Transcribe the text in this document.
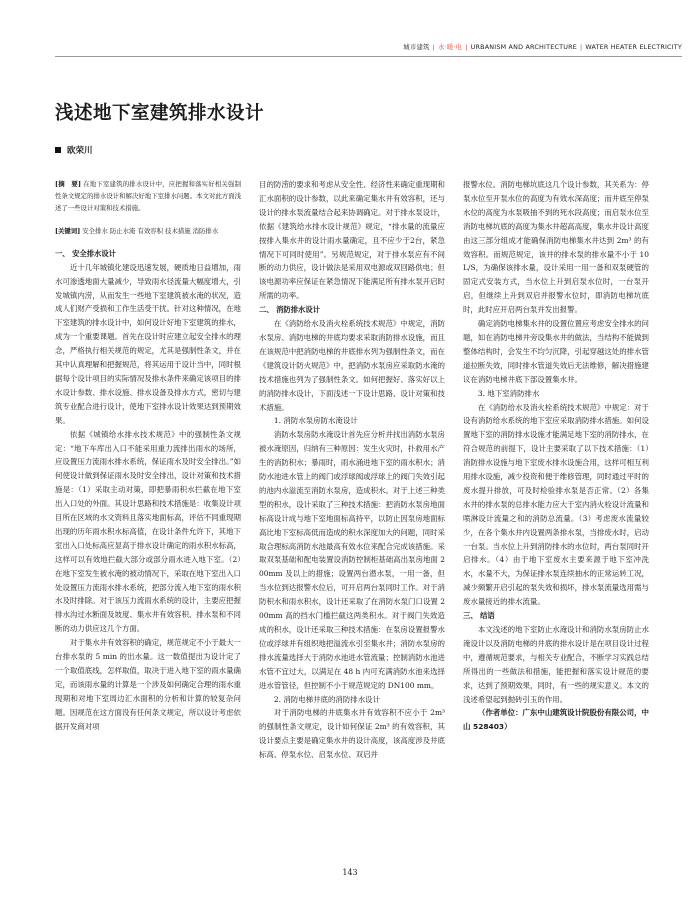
城市建筑 | 水·暖·电 | URBANISM AND ARCHITECTURE | WATER HEATER ELECTRICITY
浅述地下室建筑排水设计
欧荣川

[摘　要] 在地下室建筑的排水设计中，应把握和落实好相关强制性条文规定的排水设计和解决好地下室排水问题。本文对此方面浅述了一些设计对策和技术措施。

[关键词] 安全排水 防止水淹 有效容积 技术措施 消防排水

一、 安全排水设计

近十几年城镇化建设迅速发展，硬质地日益增加，雨水可渗透地面大量减少，导致雨水径流量大幅度增大，引发城镇内涝，从而发生一些地下室建筑被水淹的状况，造成人们财产受损和工作生活受干扰。针对这种情况，在地下室建筑的排水设计中，如何设计好地下室建筑的排水，成为一个重要课题。首先在设计时应建立起安全排水的理念，严格执行相关规范的规定，尤其是强制性条文，并在其中认真理解和把握规范，将其运用于设计当中，同时根据每个设计项目的实际情况及排水条件来确定该项目的排水设计参数、排水设施、排水设备及排水方式，密切与建筑专业配合进行设计，使地下室排水设计效果达到预期效果。

依据《城镇给水排水技术规范》中的强制性条文规定：“地下车库出入口不能采用重力流排出雨水的场所，应设置压力流雨水排水系统，保证雨水及时安全排出。”如何使设计做到保证雨水及时安全排出，设计对策和技术措施是：（1）采取主动对策，即把暴雨积水拦截在地下室出入口处的外面。其设计思路和技术措施是：收集设计项目所在区域的水文资料且落实地面标高，评估不同重现期出现的历年雨水积水标高值，在设计条件允许下，其地下室出入口处标高应显高于排水设计确定的雨水积水标高，这样可以有效地拦截大部分或部分雨水进入地下室。（2）在地下室发生被水淹的被动情况下，采取在地下室出入口处设置压力流雨水排水系统，把部分流入地下室的雨水积水及时排除。对于该压力流雨水系统的设计，主要应把握排水沟过水断面及坡度、集水井有效容积、排水泵和不同断的动力供应这几个方面。

对于集水井有效容积的确定，规范规定不小于最大一台排水泵的 5 min 的出水量。这一数值提出为设计定了一个取值底线，怎样取值，取决于进入地下室的雨水量确定，而该雨水量的计算是一个涉及如何确定合理的雨水重现期和对地下室周边汇水面积的分析和计算的较复杂问题。因规范在这方面没有任何条文规定，所以设计考虑依据开发商对项

目的防涝的要求和考虑从安全性、经济性来确定重现期和汇水面积的设计参数，以此来确定集水井有效容积，还与设计的排水泵流量结合起来协调确定。对于排水泵设计，依据《建筑给水排水设计规范》规定，“排水量的流量应按排入集水井的设计雨水量确定，且不应少于2台，紧急情况下可同时使用”。另规范规定，对于排水泵应有不间断的动力供应，设计做法是采用双电源或双回路供电；但该电源功率应保证在紧急情况下能满足所有排水泵开启时所需的功率。

二、 消防排水设计

在《消防给水及消火栓系统技术规范》中规定，消防水泵房、消防电梯的井底均要求采取消防排水设施，而且在该规范中把消防电梯的井底排水列为强制性条文，而在《建筑设计防火规范》中，把消防水泵房应采取防水淹的技术措施也列为了强制性条文。如何把握好、落实好以上的消防排水设计，下面浅述一下设计思路、设计对策和技术措施。

1. 消防水泵房防水淹设计

消防水泵房防水淹设计首先应分析并找出消防水泵房被水淹原因，归纳有三种原因：发生火灾时，扑救用水产生的消防积水；暴雨时，雨水涌进地下室的雨水积水；消防水池进水管上的阀门或浮球阀或浮球上的阀门失效引起的池内水溢流至消防水泵房，造成积水。对于上述三种类型的积水，设计采取了三种技术措施：把消防水泵房地面标高设计成与地下室地面标高持平，以防止因泵房地面标高比地下室标高低而造成的积水深度加大的问题，同时采取合理标高消防水池最高有效水位来配合完成该措施。采取双泵基础和配电装置设消防控制柜基础高出泵房地面 200mm 及以上的措施；设置两台潜水泵，一用一备，但当水位到达报警水位后，可开启两台泵同时工作。对于消防积水和雨水积水，设计还采取了在消防水泵门口设置 200mm 高的挡水门槛拦截这两类积水。对于阀门失效造成的积水，设计还采取三种技术措施：在泵房设置报警水位或浮球并有组织地把溢流水引至集水井；消防水泵房的排水流量选择大于消防水池进水管流量；控制消防水池进水管不宜过大，以满足在 48 h 内可充满消防水池来选择进水管管径，但控制不小于规范规定的 DN100 mm。

2. 消防电梯井底的消防排水设计

对于消防电梯的井底集水井有效容积不应小于 2m³ 的强制性条文规定，设计如何保证 2m³ 的有效容积，其设计要点主要是确定集水井的设计高度，该高度涉及井底标高、停泵水位、启泵水位、双启并

报警水位。消防电梯坑底这几个设计参数，其关系为：停泵水位至开泵水位的高度为有效水深高度；而井底至停泵水位的高度为水泵吸抽不到的死水段高度；而启泵水位至消防电梯坑底的高度为集水井超高高度，集水井设计高度由这三部分组成才能确保消防电梯集水井达到 2m³ 的有效容积。而规范规定，该井的排水泵的排水量不小于 10 L/S，为确保该排水量，设计采用一用一备和双泵硬管的固定式安装方式，当水位上升到启泵水位时，一台泵开启，但继续上升到双启并报警水位时，即消防电梯坑底时，此时应开启两台泵并发出报警。

确定消防电梯集水井的设置位置应考虑安全排水的问题，如在消防电梯井旁设集水井的做法，当结构不能做到整体结构时，会发生不均匀沉降，引起穿越这处的排水管道拉断失效，同时排水管道失效后无法维修，解决措施建议在消防电梯井底下部设置集水井。

3. 地下室消防排水

在《消防给水及消火栓系统技术规范》中规定：对于设有消防给水系统的地下室应采取消防排水措施。如何设置地下室的消防排水设施才能满足地下室的消防排水，在符合规范的前提下，设计主要采取了以下技术措施：（1）消防排水设施与地下室废水排水设施合用，这样可相互利用排水设施，减少投资和便于维修管理，同时通过平时的废水提升排放，可及时检验排水泵是否正常。（2）各集水井的排水泵的总排水能力应大于室内消火栓设计流量和喷淋设计流量之和的消防总流量。（3）考虑废水流量较少，在各个集水井内设置两条排水泵，当排废水时，启动一台泵。当水位上升到消防排水的水位时，两台泵同时开启排水。（4）由于地下室废水主要来源于地下室冲洗水，水量不大，为保证排水泵连续抽水的正常运转工况，减少频繁开启引起的泵失效和损坏，排水泵流量选用需与废水量接近的排水流量。

三、 结语

本文浅述的地下室防止水淹设计和消防水泵房防止水淹设计以及消防电梯的井底的排水设计是在项目设计过程中，遵循规范要求，与相关专业配合，不断学习实践总结所得出的一些做法和措施，能把握和落实设计规范的要求，达到了预期效果，同时，有一些的规实意义。本文的浅述希望起到抛砖引玉的作用。

（作者单位：广东中山建筑设计院股份有限公司，中山 528403）

143
